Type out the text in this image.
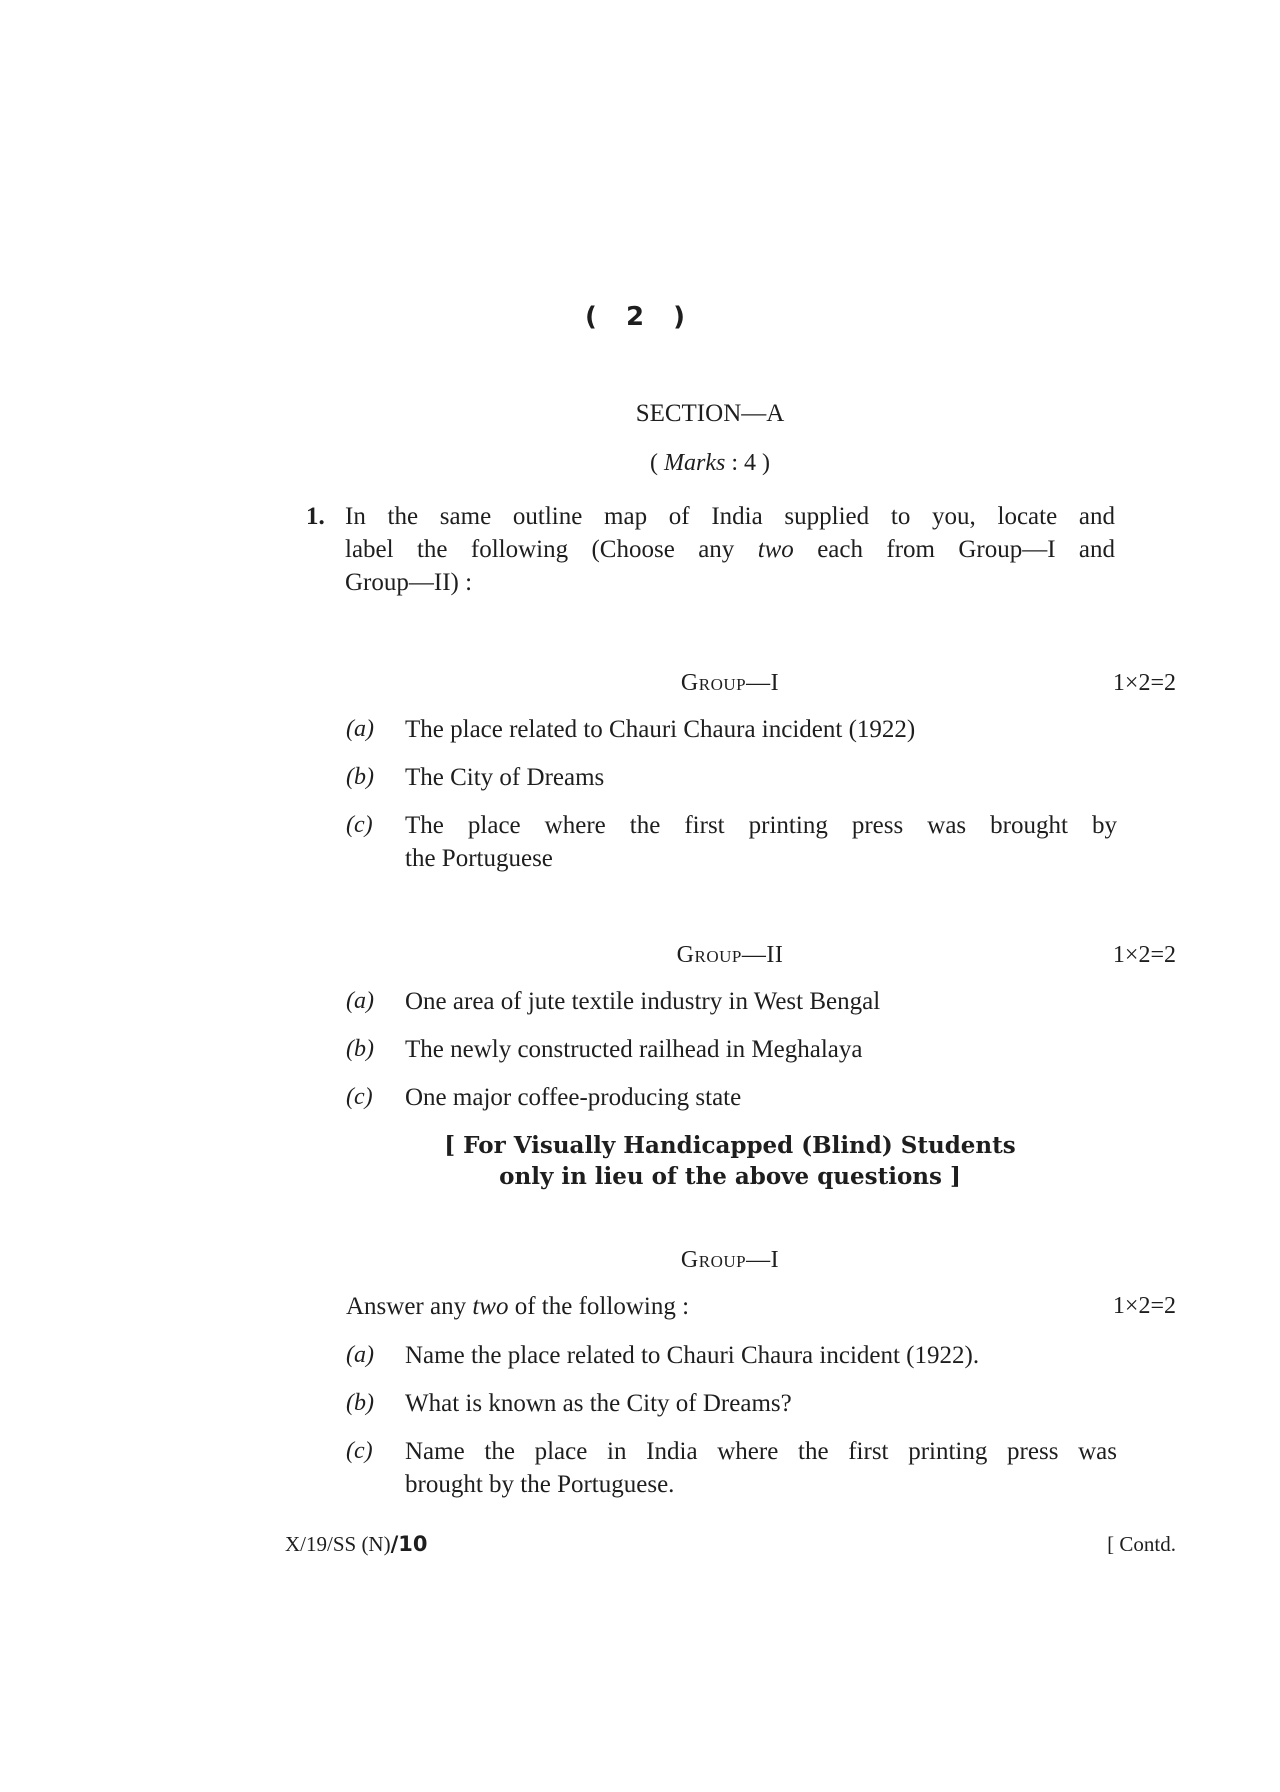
( 2 )
SECTION—A
( Marks : 4 )
1. In the same outline map of India supplied to you, locate and
label the following (Choose any two each from Group—I and
Group—II) :
Group—I	1×2=2
(a) The place related to Chauri Chaura incident (1922)
(b) The City of Dreams
(c) The place where the first printing press was brought by
the Portuguese
Group—II	1×2=2
(a) One area of jute textile industry in West Bengal
(b) The newly constructed railhead in Meghalaya
(c) One major coffee-producing state
[ For Visually Handicapped (Blind) Students
only in lieu of the above questions ]
Group—I
Answer any two of the following :	1×2=2
(a) Name the place related to Chauri Chaura incident (1922).
(b) What is known as the City of Dreams?
(c) Name the place in India where the first printing press was
brought by the Portuguese.
X/19/SS (N)/10	[ Contd.
